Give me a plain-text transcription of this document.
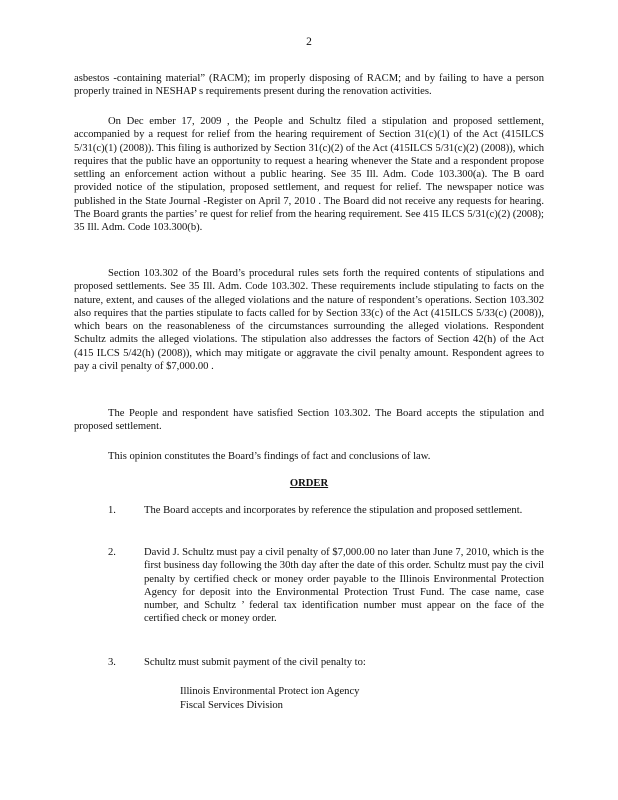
2
asbestos -containing material” (RACM); im properly disposing of RACM; and by failing to have a person properly trained in NESHAP s requirements present during the renovation activities.
On Dec ember 17, 2009 , the People and Schultz filed a stipulation and proposed settlement, accompanied by a request for relief from the hearing requirement of Section 31(c)(1) of the Act (415ILCS 5/31(c)(1) (2008)). This filing is authorized by Section 31(c)(2) of the Act (415ILCS 5/31(c)(2) (2008)), which requires that the public have an opportunity to request a hearing whenever the State and a respondent propose settling an enforcement action without a public hearing. See 35 Ill. Adm. Code 103.300(a). The B oard provided notice of the stipulation, proposed settlement, and request for relief. The newspaper notice was published in the State Journal -Register on April 7, 2010 . The Board did not receive any requests for hearing. The Board grants the parties’ re quest for relief from the hearing requirement. See 415 ILCS 5/31(c)(2) (2008); 35 Ill. Adm. Code 103.300(b).
Section 103.302 of the Board’s procedural rules sets forth the required contents of stipulations and proposed settlements. See 35 Ill. Adm. Code 103.302. These requirements include stipulating to facts on the nature, extent, and causes of the alleged violations and the nature of respondent’s operations. Section 103.302 also requires that the parties stipulate to facts called for by Section 33(c) of the Act (415ILCS 5/33(c) (2008)), which bears on the reasonableness of the circumstances surrounding the alleged violations. Respondent Schultz admits the alleged violations. The stipulation also addresses the factors of Section 42(h) of the Act (415 ILCS 5/42(h) (2008)), which may mitigate or aggravate the civil penalty amount. Respondent agrees to pay a civil penalty of $7,000.00 .
The People and respondent have satisfied Section 103.302. The Board accepts the stipulation and proposed settlement.
This opinion constitutes the Board’s findings of fact and conclusions of law.
ORDER
1.	The Board accepts and incorporates by reference the stipulation and proposed settlement.
2.	David J. Schultz must pay a civil penalty of $7,000.00 no later than June 7, 2010, which is the first business day following the 30th day after the date of this order. Schultz must pay the civil penalty by certified check or money order payable to the Illinois Environmental Protection Agency for deposit into the Environmental Protection Trust Fund. The case name, case number, and Schultz ’ federal tax identification number must appear on the face of the certified check or money order.
3.	Schultz must submit payment of the civil penalty to:
Illinois Environmental Protect ion Agency
Fiscal Services Division
